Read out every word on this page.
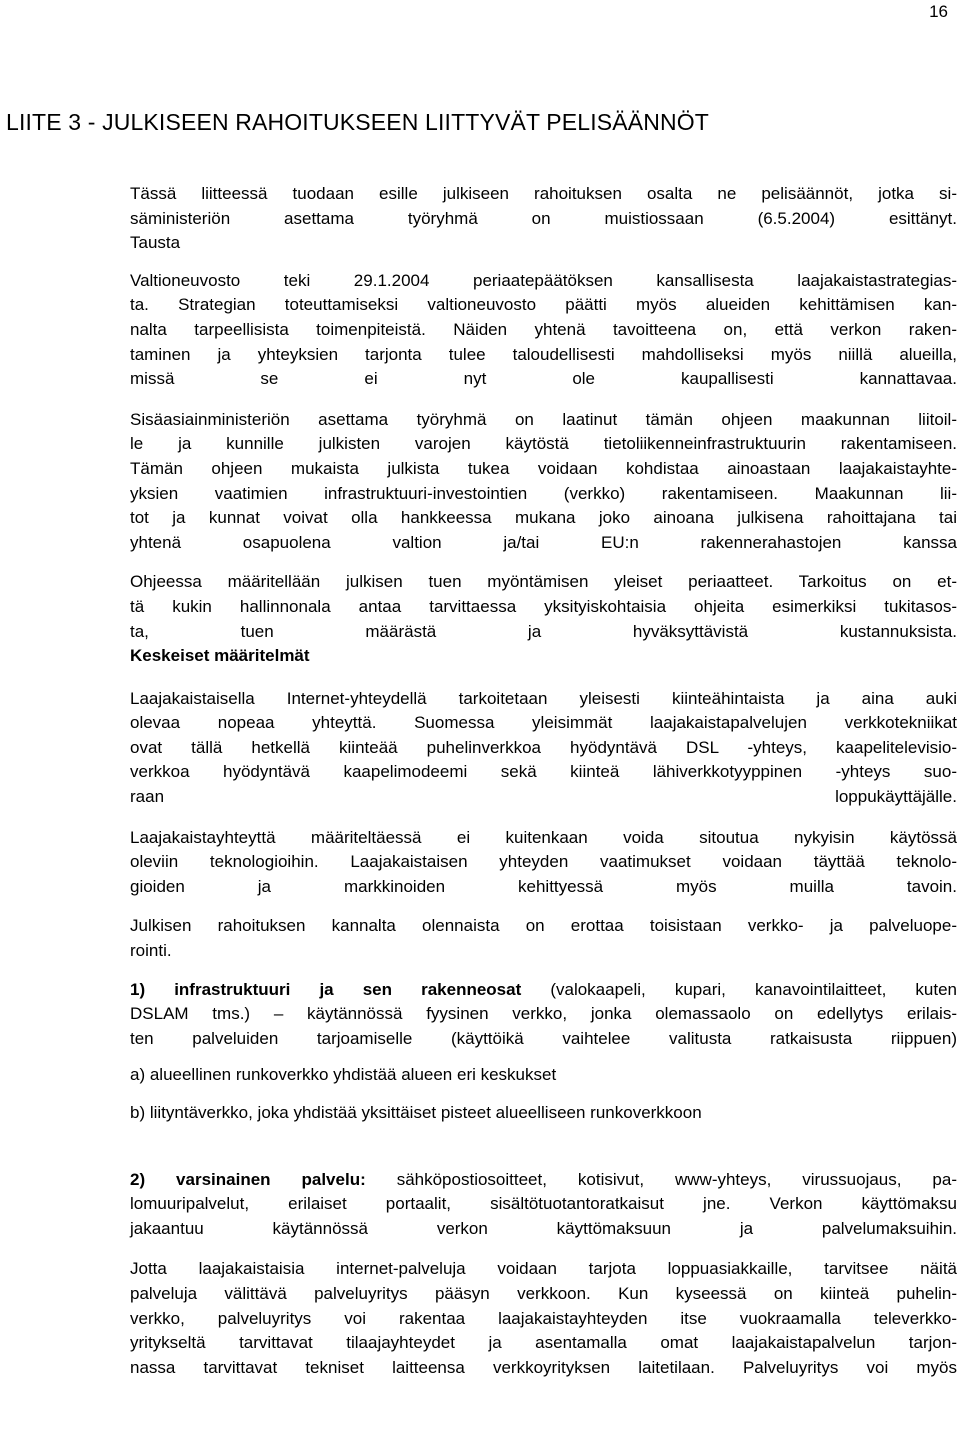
16
LIITE 3 - JULKISEEN RAHOITUKSEEN LIITTYVÄT PELISÄÄNNÖT

Tässä liitteessä tuodaan esille julkiseen rahoituksen osalta ne pelisäännöt, jotka si-
säministeriön asettama työryhmä on muistiossaan (6.5.2004) esittänyt.

Tausta

Valtioneuvosto teki 29.1.2004 periaatepäätöksen kansallisesta laajakaistastrategias-
ta. Strategian toteuttamiseksi valtioneuvosto päätti myös alueiden kehittämisen kan-
nalta tarpeellisista toimenpiteistä. Näiden yhtenä tavoitteena on, että verkon raken-
taminen ja yhteyksien tarjonta tulee taloudellisesti mahdolliseksi myös niillä alueilla,
missä se ei nyt ole kaupallisesti kannattavaa.

Sisäasiainministeriön asettama työryhmä on laatinut tämän ohjeen maakunnan liitoil-
le ja kunnille julkisten varojen käytöstä tietoliikenneinfrastruktuurin rakentamiseen.
Tämän ohjeen mukaista julkista tukea voidaan kohdistaa ainoastaan laajakaistayhte-
yksien vaatimien infrastruktuuri-investointien (verkko) rakentamiseen. Maakunnan lii-
tot ja kunnat voivat olla hankkeessa mukana joko ainoana julkisena rahoittajana tai
yhtenä osapuolena valtion ja/tai EU:n rakennerahastojen kanssa

Ohjeessa määritellään julkisen tuen myöntämisen yleiset periaatteet. Tarkoitus on et-
tä kukin hallinnonala antaa tarvittaessa yksityiskohtaisia ohjeita esimerkiksi tukitasos-
ta, tuen määrästä ja hyväksyttävistä kustannuksista.

Keskeiset määritelmät

Laajakaistaisella Internet-yhteydellä tarkoitetaan yleisesti kiinteähintaista ja aina auki
olevaa nopeaa yhteyttä. Suomessa yleisimmät laajakaistapalvelujen verkkotekniikat
ovat tällä hetkellä kiinteää puhelinverkkoa hyödyntävä DSL -yhteys, kaapelitelevisio-
verkkoa hyödyntävä kaapelimodeemi sekä kiinteä lähiverkkotyyppinen -yhteys suo-
raan loppukäyttäjälle.

Laajakaistayhteyttä määriteltäessä ei kuitenkaan voida sitoutua nykyisin käytössä
oleviin teknologioihin. Laajakaistaisen yhteyden vaatimukset voidaan täyttää teknolo-
gioiden ja markkinoiden kehittyessä myös muilla tavoin.

Julkisen rahoituksen kannalta olennaista on erottaa toisistaan verkko- ja palveluope-
rointi.

1) infrastruktuuri ja sen rakenneosat (valokaapeli, kupari, kanavointilaitteet, kuten
DSLAM tms.) – käytännössä fyysinen verkko, jonka olemassaolo on edellytys erilais-
ten palveluiden tarjoamiselle (käyttöikä vaihtelee valitusta ratkaisusta riippuen)

a) alueellinen runkoverkko yhdistää alueen eri keskukset

b) liityntäverkko, joka yhdistää yksittäiset pisteet alueelliseen runkoverkkoon

2) varsinainen palvelu: sähköpostiosoitteet, kotisivut, www-yhteys, virussuojaus, pa-
lomuuripalvelut, erilaiset portaalit, sisältötuotantoratkaisut jne. Verkon käyttömaksu
jakaantuu käytännössä verkon käyttömaksuun ja palvelumaksuihin.

Jotta laajakaistaisia internet-palveluja voidaan tarjota loppuasiakkaille, tarvitsee näitä
palveluja välittävä palveluyritys pääsyn verkkoon. Kun kyseessä on kiinteä puhelin-
verkko, palveluyritys voi rakentaa laajakaistayhteyden itse vuokraamalla televerkko-
yritykseltä tarvittavat tilaajayhteydet ja asentamalla omat laajakaistapalvelun tarjon-
nassa tarvittavat tekniset laitteensa verkkoyrityksen laitetilaan. Palveluyritys voi myös
